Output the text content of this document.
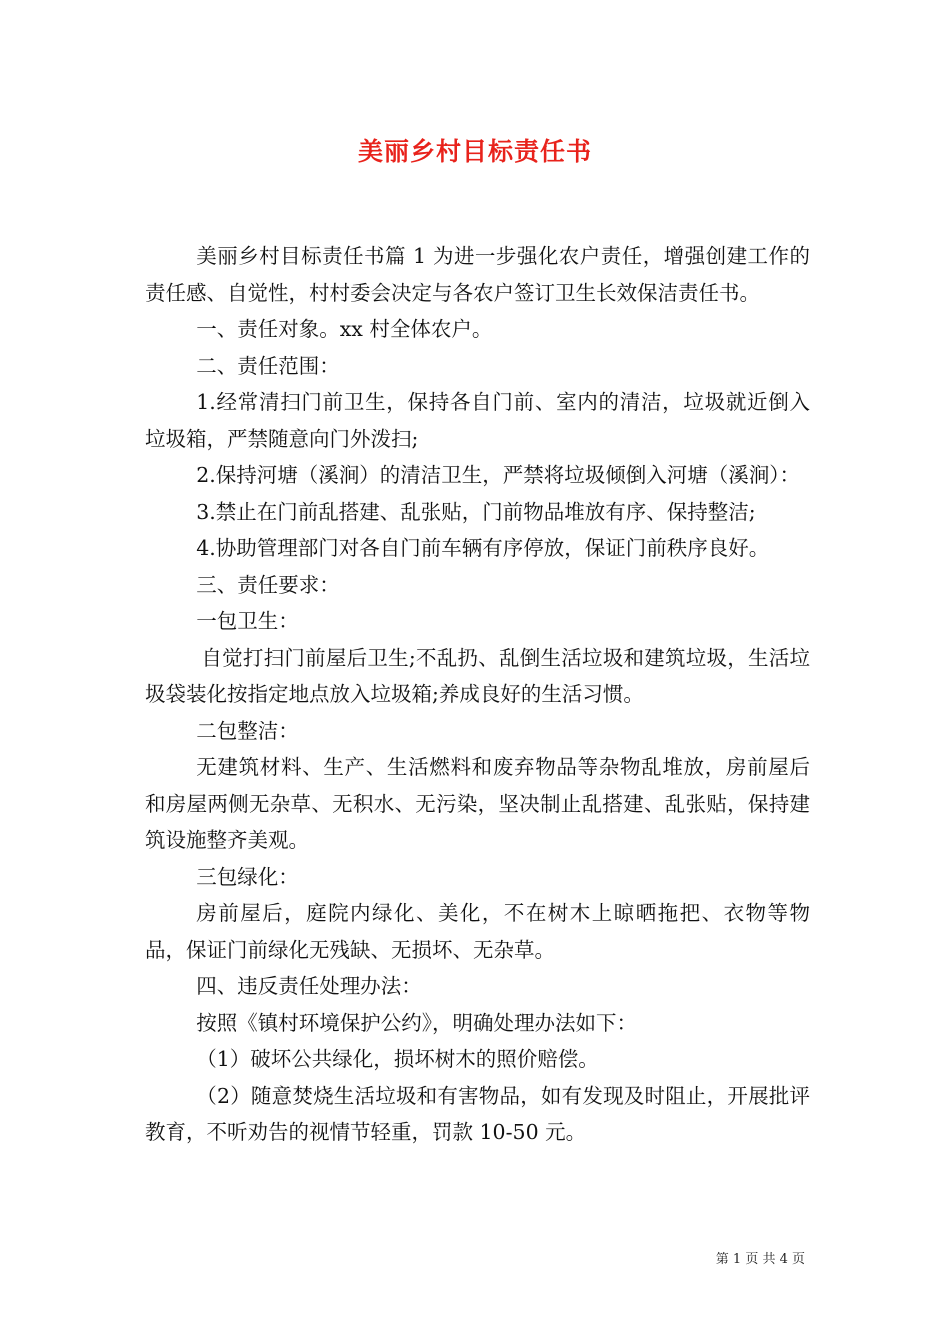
美丽乡村目标责任书

美丽乡村目标责任书篇 1 为进一步强化农户责任，增强创建工作的责任感、自觉性，村村委会决定与各农户签订卫生长效保洁责任书。

一、责任对象。xx 村全体农户。

二、责任范围：

1.经常清扫门前卫生，保持各自门前、室内的清洁，垃圾就近倒入垃圾箱，严禁随意向门外泼扫;

2.保持河塘（溪涧）的清洁卫生，严禁将垃圾倾倒入河塘（溪涧）：

3.禁止在门前乱搭建、乱张贴，门前物品堆放有序、保持整洁;

4.协助管理部门对各自门前车辆有序停放，保证门前秩序良好。

三、责任要求：

一包卫生：

自觉打扫门前屋后卫生;不乱扔、乱倒生活垃圾和建筑垃圾，生活垃圾袋装化按指定地点放入垃圾箱;养成良好的生活习惯。

二包整洁：

无建筑材料、生产、生活燃料和废弃物品等杂物乱堆放，房前屋后和房屋两侧无杂草、无积水、无污染，坚决制止乱搭建、乱张贴，保持建筑设施整齐美观。

三包绿化：

房前屋后，庭院内绿化、美化，不在树木上晾晒拖把、衣物等物品，保证门前绿化无残缺、无损坏、无杂草。

四、违反责任处理办法：

按照《镇村环境保护公约》，明确处理办法如下：

（1）破坏公共绿化，损坏树木的照价赔偿。

（2）随意焚烧生活垃圾和有害物品，如有发现及时阻止，开展批评教育，不听劝告的视情节轻重，罚款 10-50 元。

第 1 页 共 4 页
